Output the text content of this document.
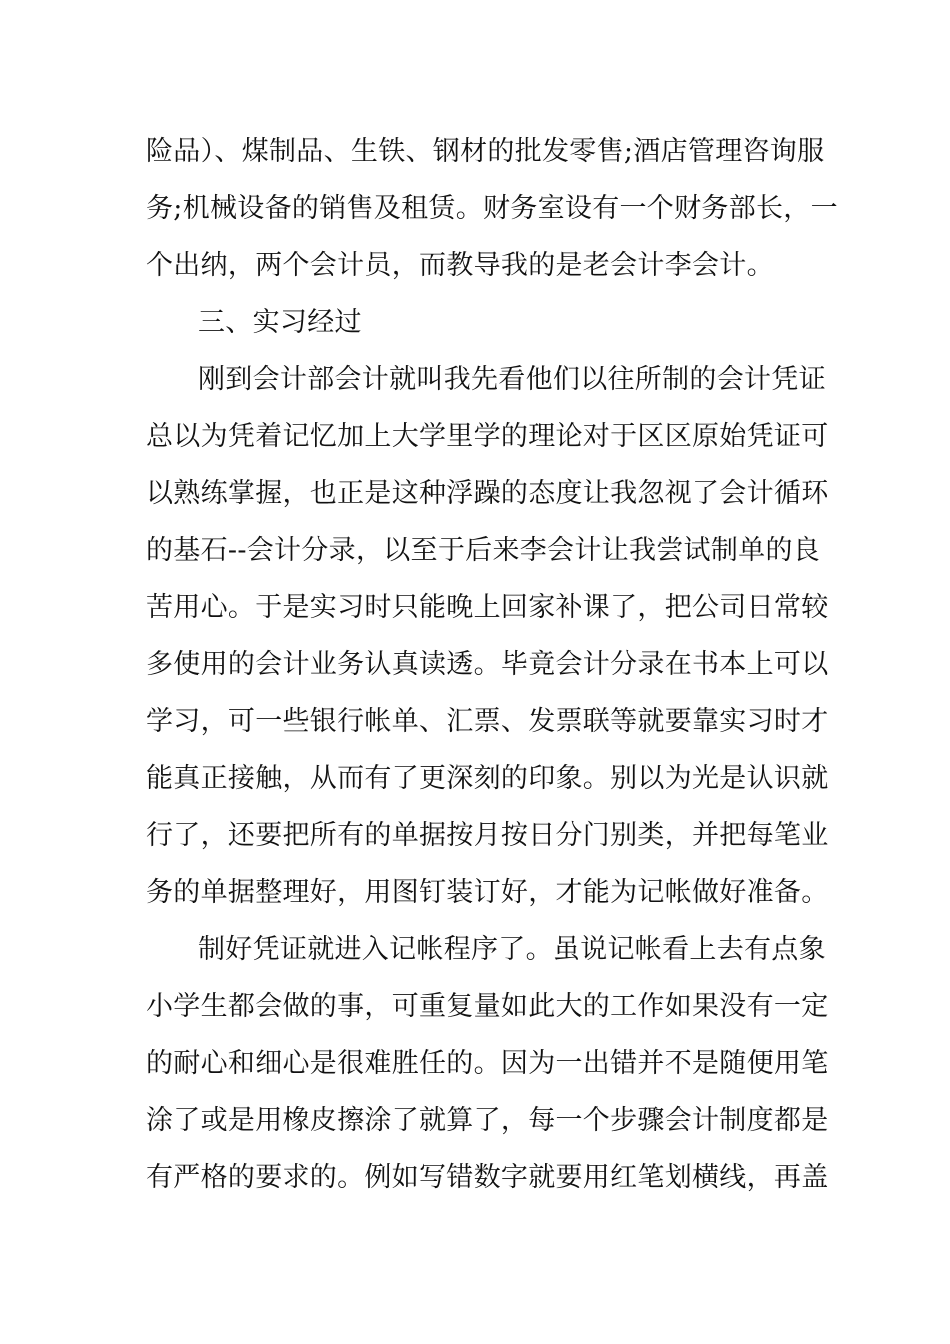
险品）、煤制品、生铁、钢材的批发零售;酒店管理咨询服
务;机械设备的销售及租赁。财务室设有一个财务部长，一
个出纳，两个会计员，而教导我的是老会计李会计。
三、实习经过
刚到会计部会计就叫我先看他们以往所制的会计凭证
总以为凭着记忆加上大学里学的理论对于区区原始凭证可
以熟练掌握，也正是这种浮躁的态度让我忽视了会计循环
的基石--会计分录，以至于后来李会计让我尝试制单的良
苦用心。于是实习时只能晚上回家补课了，把公司日常较
多使用的会计业务认真读透。毕竟会计分录在书本上可以
学习，可一些银行帐单、汇票、发票联等就要靠实习时才
能真正接触，从而有了更深刻的印象。别以为光是认识就
行了，还要把所有的单据按月按日分门别类，并把每笔业
务的单据整理好，用图钉装订好，才能为记帐做好准备。
制好凭证就进入记帐程序了。虽说记帐看上去有点象
小学生都会做的事，可重复量如此大的工作如果没有一定
的耐心和细心是很难胜任的。因为一出错并不是随便用笔
涂了或是用橡皮擦涂了就算了，每一个步骤会计制度都是
有严格的要求的。例如写错数字就要用红笔划横线，再盖
